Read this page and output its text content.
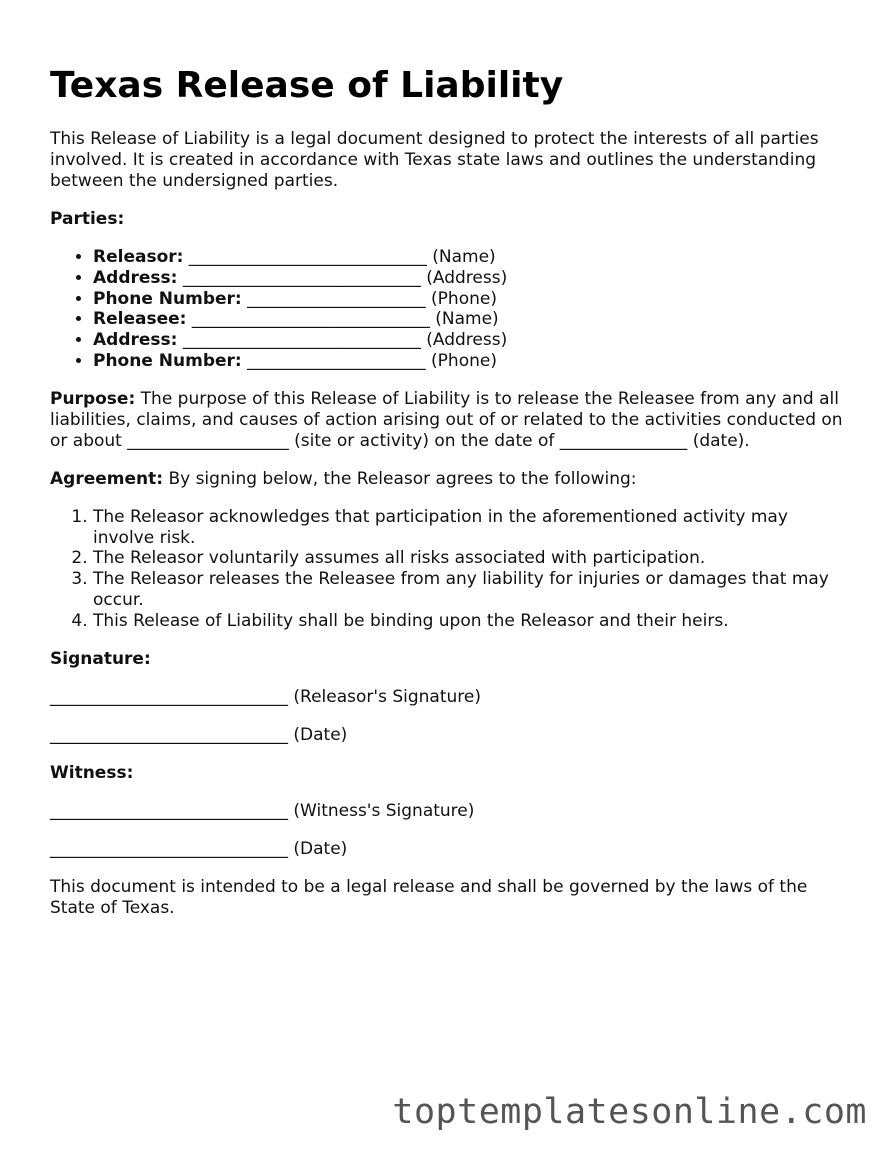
Texas Release of Liability

This Release of Liability is a legal document designed to protect the interests of all parties involved. It is created in accordance with Texas state laws and outlines the understanding between the undersigned parties.

Parties:

• Releasor: ____________________________ (Name)
• Address: ____________________________ (Address)
• Phone Number: _____________________ (Phone)
• Releasee: ____________________________ (Name)
• Address: ____________________________ (Address)
• Phone Number: _____________________ (Phone)

Purpose: The purpose of this Release of Liability is to release the Releasee from any and all liabilities, claims, and causes of action arising out of or related to the activities conducted on or about ___________________ (site or activity) on the date of _______________ (date).

Agreement: By signing below, the Releasor agrees to the following:

1. The Releasor acknowledges that participation in the aforementioned activity may involve risk.
2. The Releasor voluntarily assumes all risks associated with participation.
3. The Releasor releases the Releasee from any liability for injuries or damages that may occur.
4. This Release of Liability shall be binding upon the Releasor and their heirs.

Signature:

____________________________ (Releasor's Signature)

____________________________ (Date)

Witness:

____________________________ (Witness's Signature)

____________________________ (Date)

This document is intended to be a legal release and shall be governed by the laws of the State of Texas.

toptemplatesonline.com
